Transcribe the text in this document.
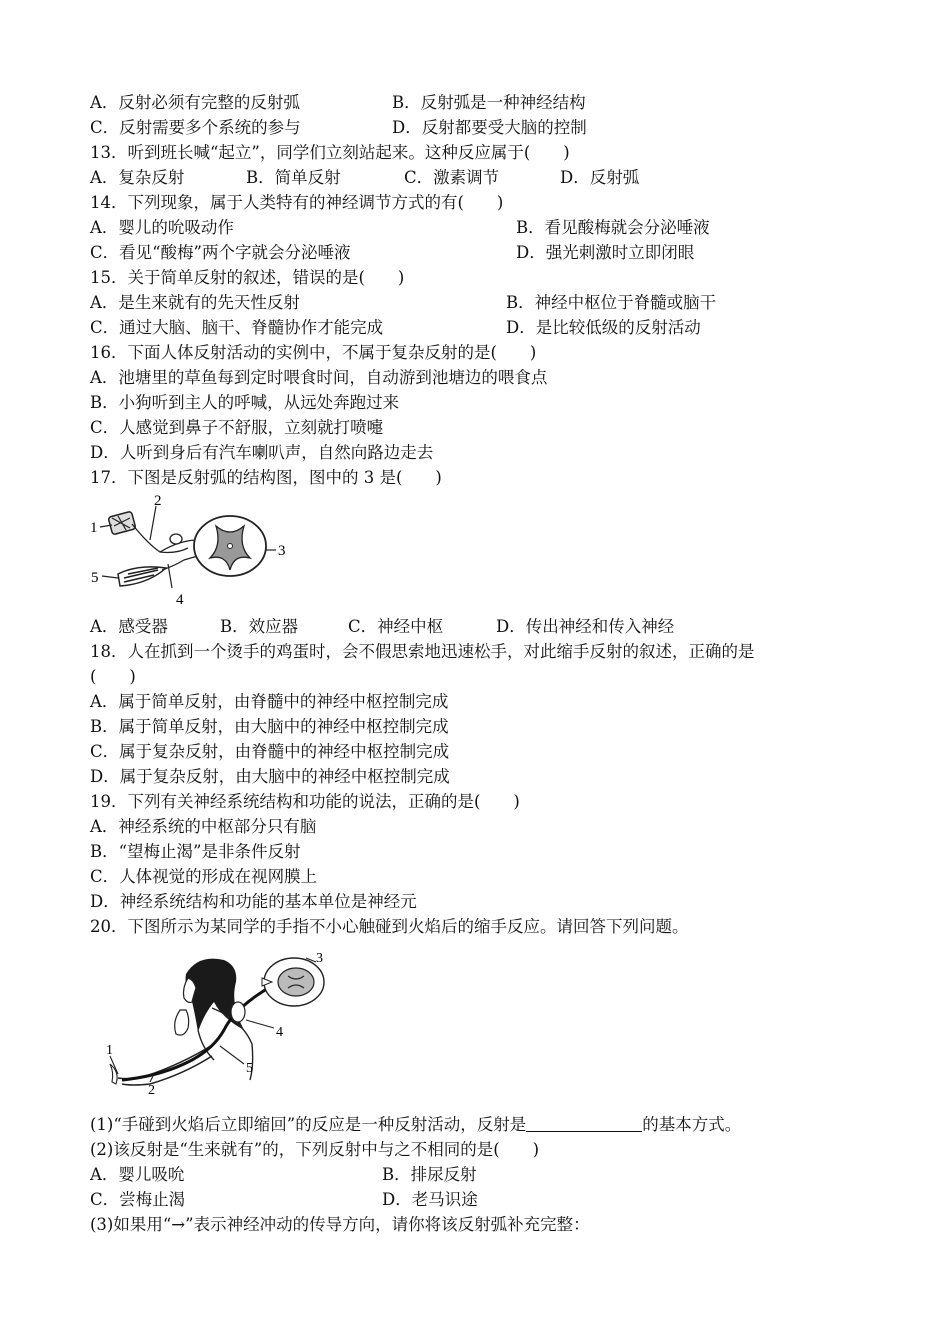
A．反射必须有完整的反射弧	B．反射弧是一种神经结构
C．反射需要多个系统的参与	D．反射都要受大脑的控制
13．听到班长喊“起立”，同学们立刻站起来。这种反应属于(　　)
A．复杂反射	B．简单反射	C．激素调节	D．反射弧
14．下列现象，属于人类特有的神经调节方式的有(　　)
A．婴儿的吮吸动作	B．看见酸梅就会分泌唾液
C．看见“酸梅”两个字就会分泌唾液	D．强光刺激时立即闭眼
15．关于简单反射的叙述，错误的是(　　)
A．是生来就有的先天性反射	B．神经中枢位于脊髓或脑干
C．通过大脑、脑干、脊髓协作才能完成	D．是比较低级的反射活动
16．下面人体反射活动的实例中，不属于复杂反射的是(　　)
A．池塘里的草鱼每到定时喂食时间，自动游到池塘边的喂食点
B．小狗听到主人的呼喊，从远处奔跑过来
C．人感觉到鼻子不舒服，立刻就打喷嚏
D．人听到身后有汽车喇叭声，自然向路边走去
17．下图是反射弧的结构图，图中的 3 是(　　)
1
2
3
4
5
A．感受器	B．效应器	C．神经中枢	D．传出神经和传入神经
18．人在抓到一个烫手的鸡蛋时，会不假思索地迅速松手，对此缩手反射的叙述，正确的是
(　　)
A．属于简单反射，由脊髓中的神经中枢控制完成
B．属于简单反射，由大脑中的神经中枢控制完成
C．属于复杂反射，由脊髓中的神经中枢控制完成
D．属于复杂反射，由大脑中的神经中枢控制完成
19．下列有关神经系统结构和功能的说法，正确的是(　　)
A．神经系统的中枢部分只有脑
B．“望梅止渴”是非条件反射
C．人体视觉的形成在视网膜上
D．神经系统结构和功能的基本单位是神经元
20．下图所示为某同学的手指不小心触碰到火焰后的缩手反应。请回答下列问题。
1
2
3
4
5
(1)“手碰到火焰后立即缩回”的反应是一种反射活动，反射是	的基本方式。
(2)该反射是“生来就有”的，下列反射中与之不相同的是(　　)
A．婴儿吸吮	B．排尿反射
C．尝梅止渴	D．老马识途
(3)如果用“→”表示神经冲动的传导方向，请你将该反射弧补充完整：
